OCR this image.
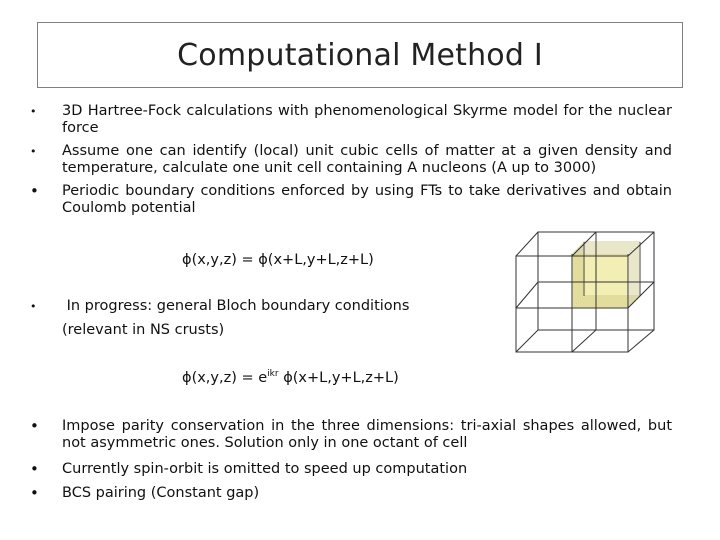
Computational Method I
•	3D Hartree-Fock calculations with phenomenological Skyrme model for the nuclear force
•	Assume one can identify (local) unit cubic cells of matter at a given density and temperature, calculate one unit cell containing A nucleons (A up to 3000)
• Periodic boundary conditions enforced by using FTs to take derivatives and obtain Coulomb potential
ϕ(x,y,z) = ϕ(x+L,y+L,z+L)
•	In progress: general Bloch boundary conditions
(relevant in NS crusts)
$\phi(x,y,z) = e^{ikr}$ ϕ(x+L,y+L,z+L)
• Impose parity conservation in the three dimensions: tri-axial shapes allowed, but not asymmetric ones. Solution only in one octant of cell
• Currently spin-orbit is omitted to speed up computation
• BCS pairing (Constant gap)
